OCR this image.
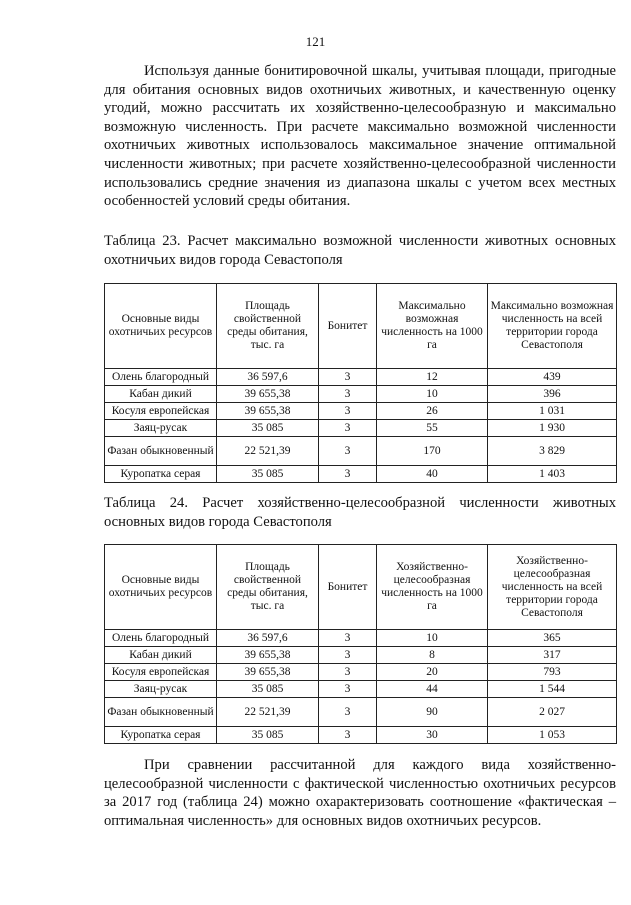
121

Используя данные бонитировочной шкалы, учитывая площади, пригодные для обитания основных видов охотничьих животных, и качественную оценку угодий, можно рассчитать их хозяйственно-целесообразную и максимально возможную численность. При расчете максимально возможной численности охотничьих животных использовалось максимальное значение оптимальной численности животных; при расчете хозяйственно-целесообразной численности использовались средние значения из диапазона шкалы с учетом всех местных особенностей условий среды обитания.

Таблица 23. Расчет максимально возможной численности животных основных охотничьих видов города Севастополя

Основные виды охотничьих ресурсов	Площадь свойственной среды обитания, тыс. га	Бонитет	Максимально возможная численность на 1000 га	Максимально возможная численность на всей территории города Севастополя
Олень благородный	36 597,6	3	12	439
Кабан дикий	39 655,38	3	10	396
Косуля европейская	39 655,38	3	26	1 031
Заяц-русак	35 085	3	55	1 930
Фазан обыкновенный	22 521,39	3	170	3 829
Куропатка серая	35 085	3	40	1 403

Таблица 24. Расчет хозяйственно-целесообразной численности животных основных видов города Севастополя

Основные виды охотничьих ресурсов	Площадь свойственной среды обитания, тыс. га	Бонитет	Хозяйственно-целесообразная численность на 1000 га	Хозяйственно-целесообразная численность на всей территории города Севастополя
Олень благородный	36 597,6	3	10	365
Кабан дикий	39 655,38	3	8	317
Косуля европейская	39 655,38	3	20	793
Заяц-русак	35 085	3	44	1 544
Фазан обыкновенный	22 521,39	3	90	2 027
Куропатка серая	35 085	3	30	1 053

При сравнении рассчитанной для каждого вида хозяйственно-целесообразной численности с фактической численностью охотничьих ресурсов за 2017 год (таблица 24) можно охарактеризовать соотношение «фактическая – оптимальная численность» для основных видов охотничьих ресурсов.
